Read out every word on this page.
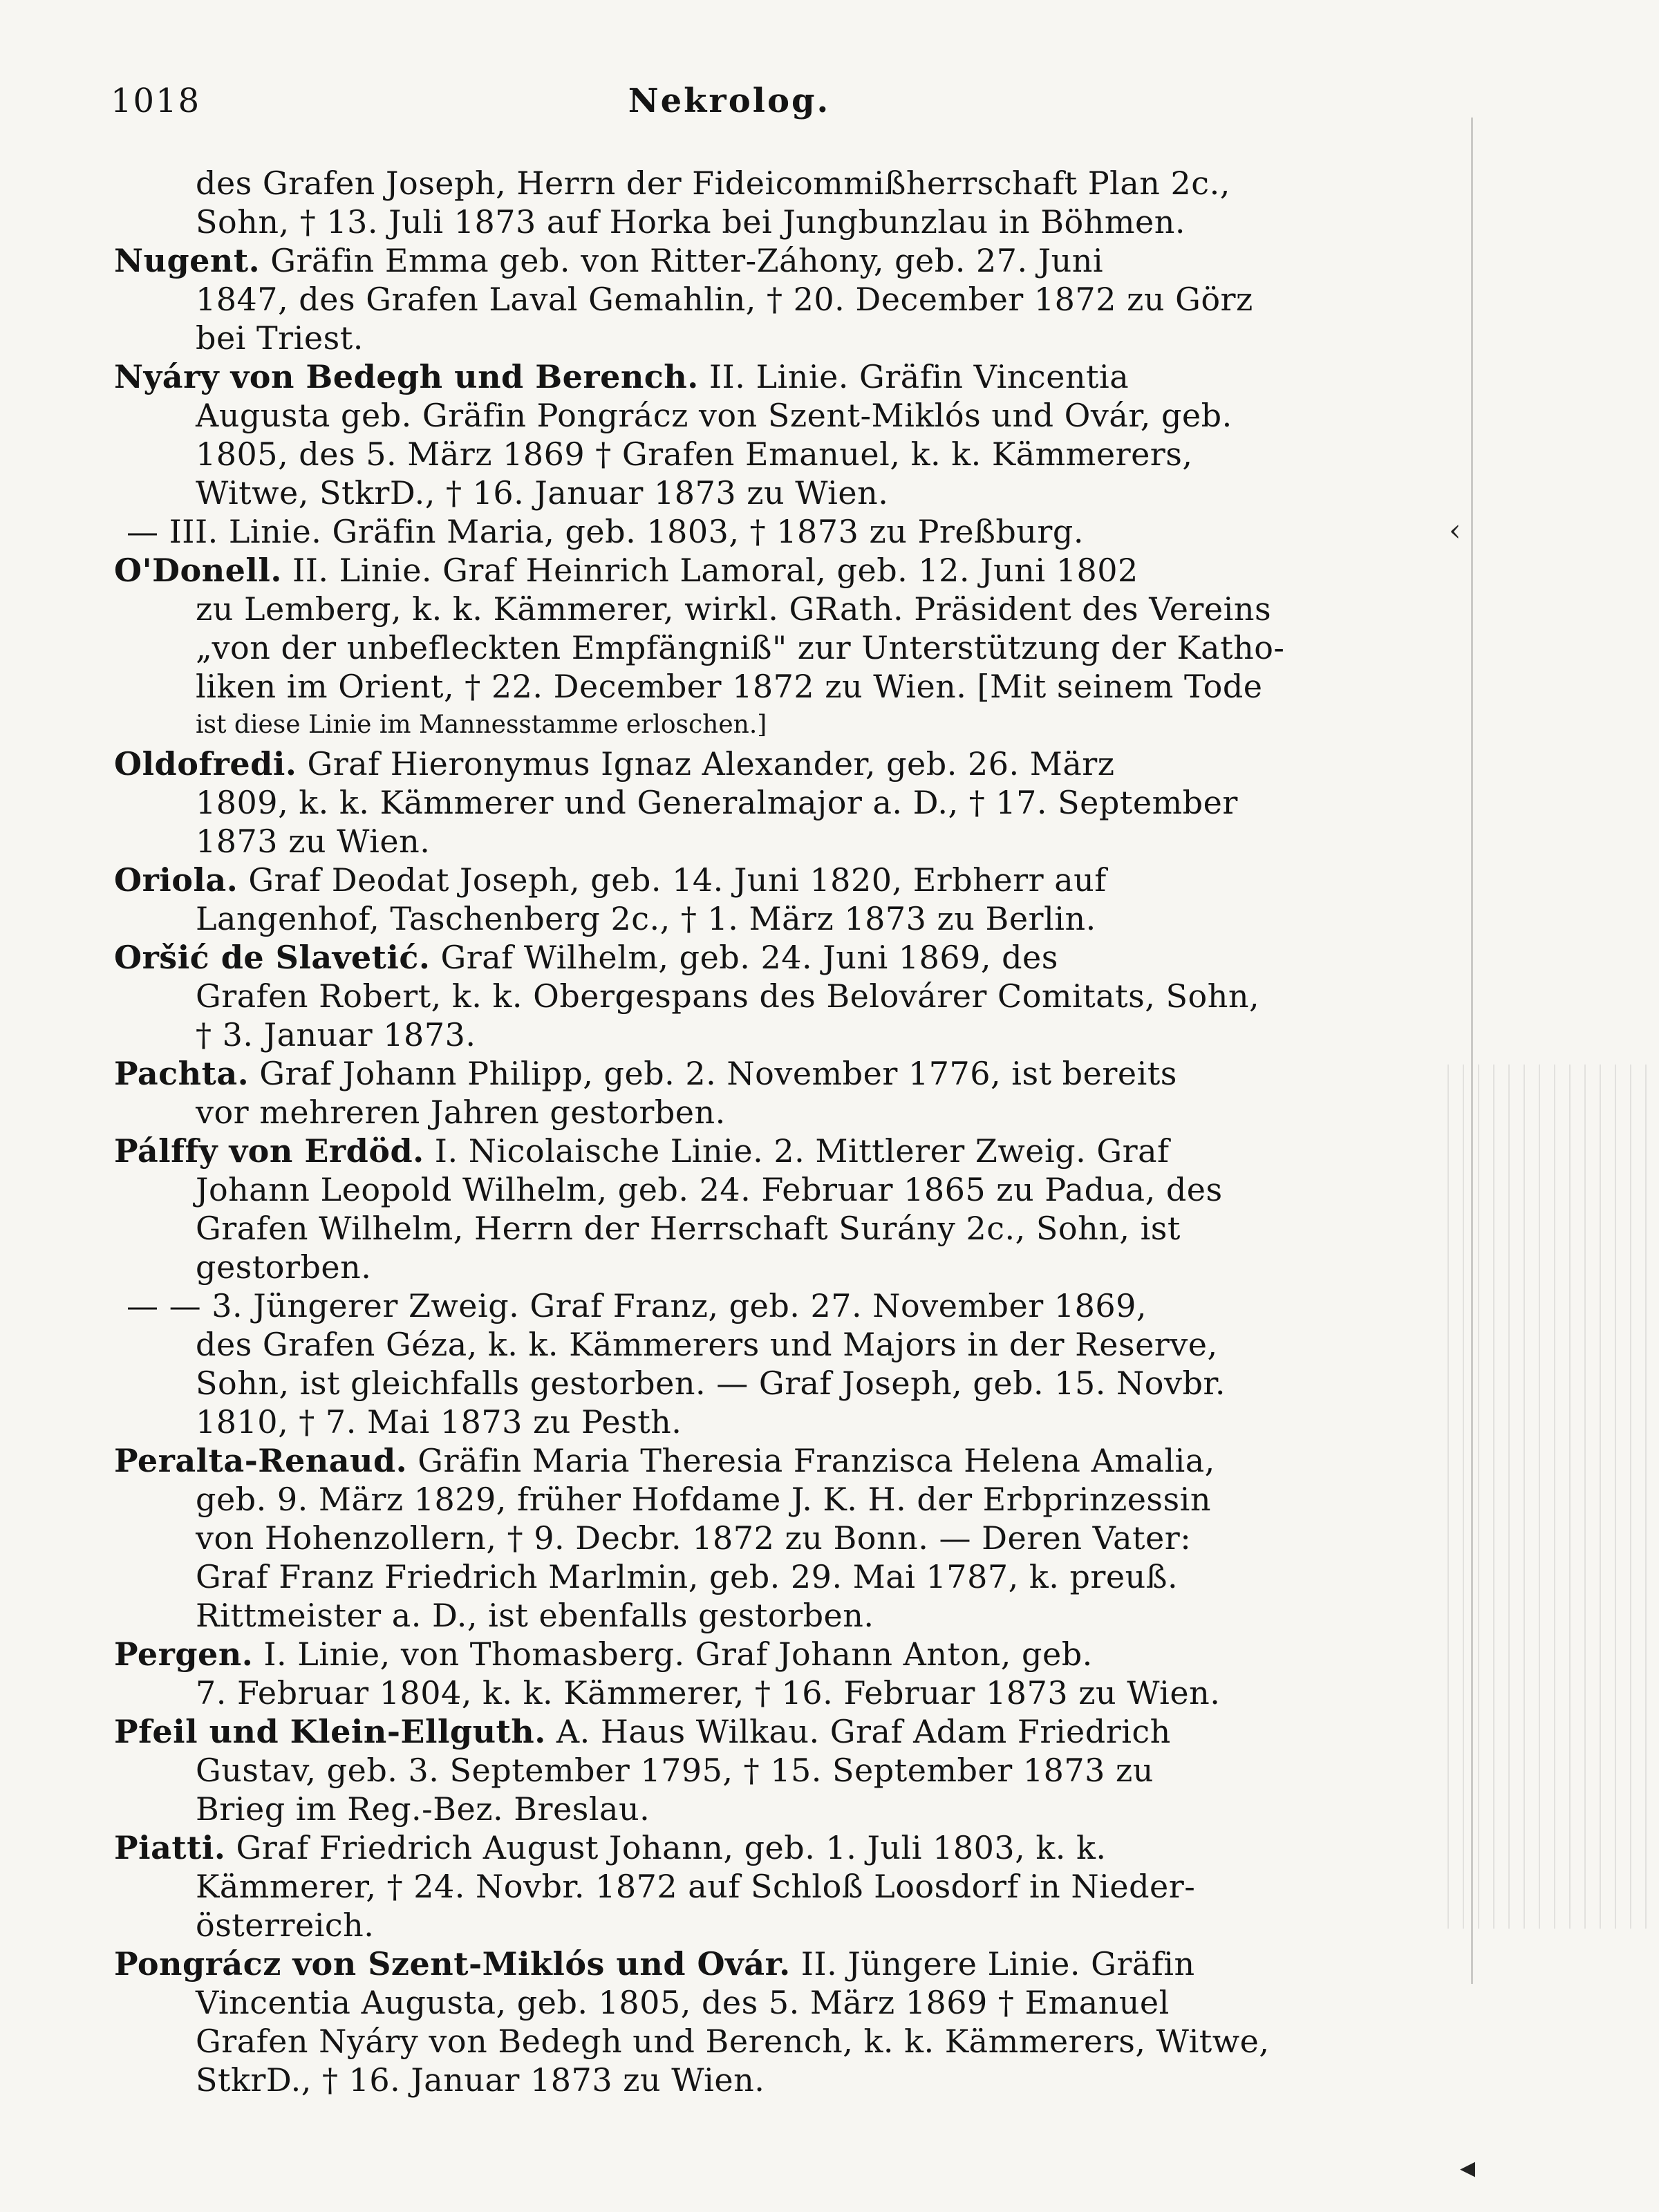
1018	Nekrolog.
des Grafen Joseph, Herrn der Fideicommißherrschaft Plan 2c.,
Sohn, † 13. Juli 1873 auf Horka bei Jungbunzlau in Böhmen.
Nugent. Gräfin Emma geb. von Ritter-Záhony, geb. 27. Juni
1847, des Grafen Laval Gemahlin, † 20. December 1872 zu Görz
bei Triest.
Nyáry von Bedegh und Berench. II. Linie. Gräfin Vincentia
Augusta geb. Gräfin Pongrácz von Szent-Miklós und Ovár, geb.
1805, des 5. März 1869 † Grafen Emanuel, k. k. Kämmerers,
Witwe, StkrD., † 16. Januar 1873 zu Wien.
— III. Linie. Gräfin Maria, geb. 1803, † 1873 zu Preßburg.
O'Donell. II. Linie. Graf Heinrich Lamoral, geb. 12. Juni 1802
zu Lemberg, k. k. Kämmerer, wirkl. GRath. Präsident des Vereins
„von der unbefleckten Empfängniß" zur Unterstützung der Katho-
liken im Orient, † 22. December 1872 zu Wien. [Mit seinem Tode
ist diese Linie im Mannesstamme erloschen.]
Oldofredi. Graf Hieronymus Ignaz Alexander, geb. 26. März
1809, k. k. Kämmerer und Generalmajor a. D., † 17. September
1873 zu Wien.
Oriola. Graf Deodat Joseph, geb. 14. Juni 1820, Erbherr auf
Langenhof, Taschenberg 2c., † 1. März 1873 zu Berlin.
Oršić de Slavetić. Graf Wilhelm, geb. 24. Juni 1869, des
Grafen Robert, k. k. Obergespans des Belovárer Comitats, Sohn,
† 3. Januar 1873.
Pachta. Graf Johann Philipp, geb. 2. November 1776, ist bereits
vor mehreren Jahren gestorben.
Pálffy von Erdöd. I. Nicolaische Linie. 2. Mittlerer Zweig. Graf
Johann Leopold Wilhelm, geb. 24. Februar 1865 zu Padua, des
Grafen Wilhelm, Herrn der Herrschaft Surány 2c., Sohn, ist
gestorben.
— — 3. Jüngerer Zweig. Graf Franz, geb. 27. November 1869,
des Grafen Géza, k. k. Kämmerers und Majors in der Reserve,
Sohn, ist gleichfalls gestorben. — Graf Joseph, geb. 15. Novbr.
1810, † 7. Mai 1873 zu Pesth.
Peralta-Renaud. Gräfin Maria Theresia Franzisca Helena Amalia,
geb. 9. März 1829, früher Hofdame J. K. H. der Erbprinzessin
von Hohenzollern, † 9. Decbr. 1872 zu Bonn. — Deren Vater:
Graf Franz Friedrich Marlmin, geb. 29. Mai 1787, k. preuß.
Rittmeister a. D., ist ebenfalls gestorben.
Pergen. I. Linie, von Thomasberg. Graf Johann Anton, geb.
7. Februar 1804, k. k. Kämmerer, † 16. Februar 1873 zu Wien.
Pfeil und Klein-Ellguth. A. Haus Wilkau. Graf Adam Friedrich
Gustav, geb. 3. September 1795, † 15. September 1873 zu
Brieg im Reg.-Bez. Breslau.
Piatti. Graf Friedrich August Johann, geb. 1. Juli 1803, k. k.
Kämmerer, † 24. Novbr. 1872 auf Schloß Loosdorf in Nieder-
österreich.
Pongrácz von Szent-Miklós und Ovár. II. Jüngere Linie. Gräfin
Vincentia Augusta, geb. 1805, des 5. März 1869 † Emanuel
Grafen Nyáry von Bedegh und Berench, k. k. Kämmerers, Witwe,
StkrD., † 16. Januar 1873 zu Wien.
‹
◂
